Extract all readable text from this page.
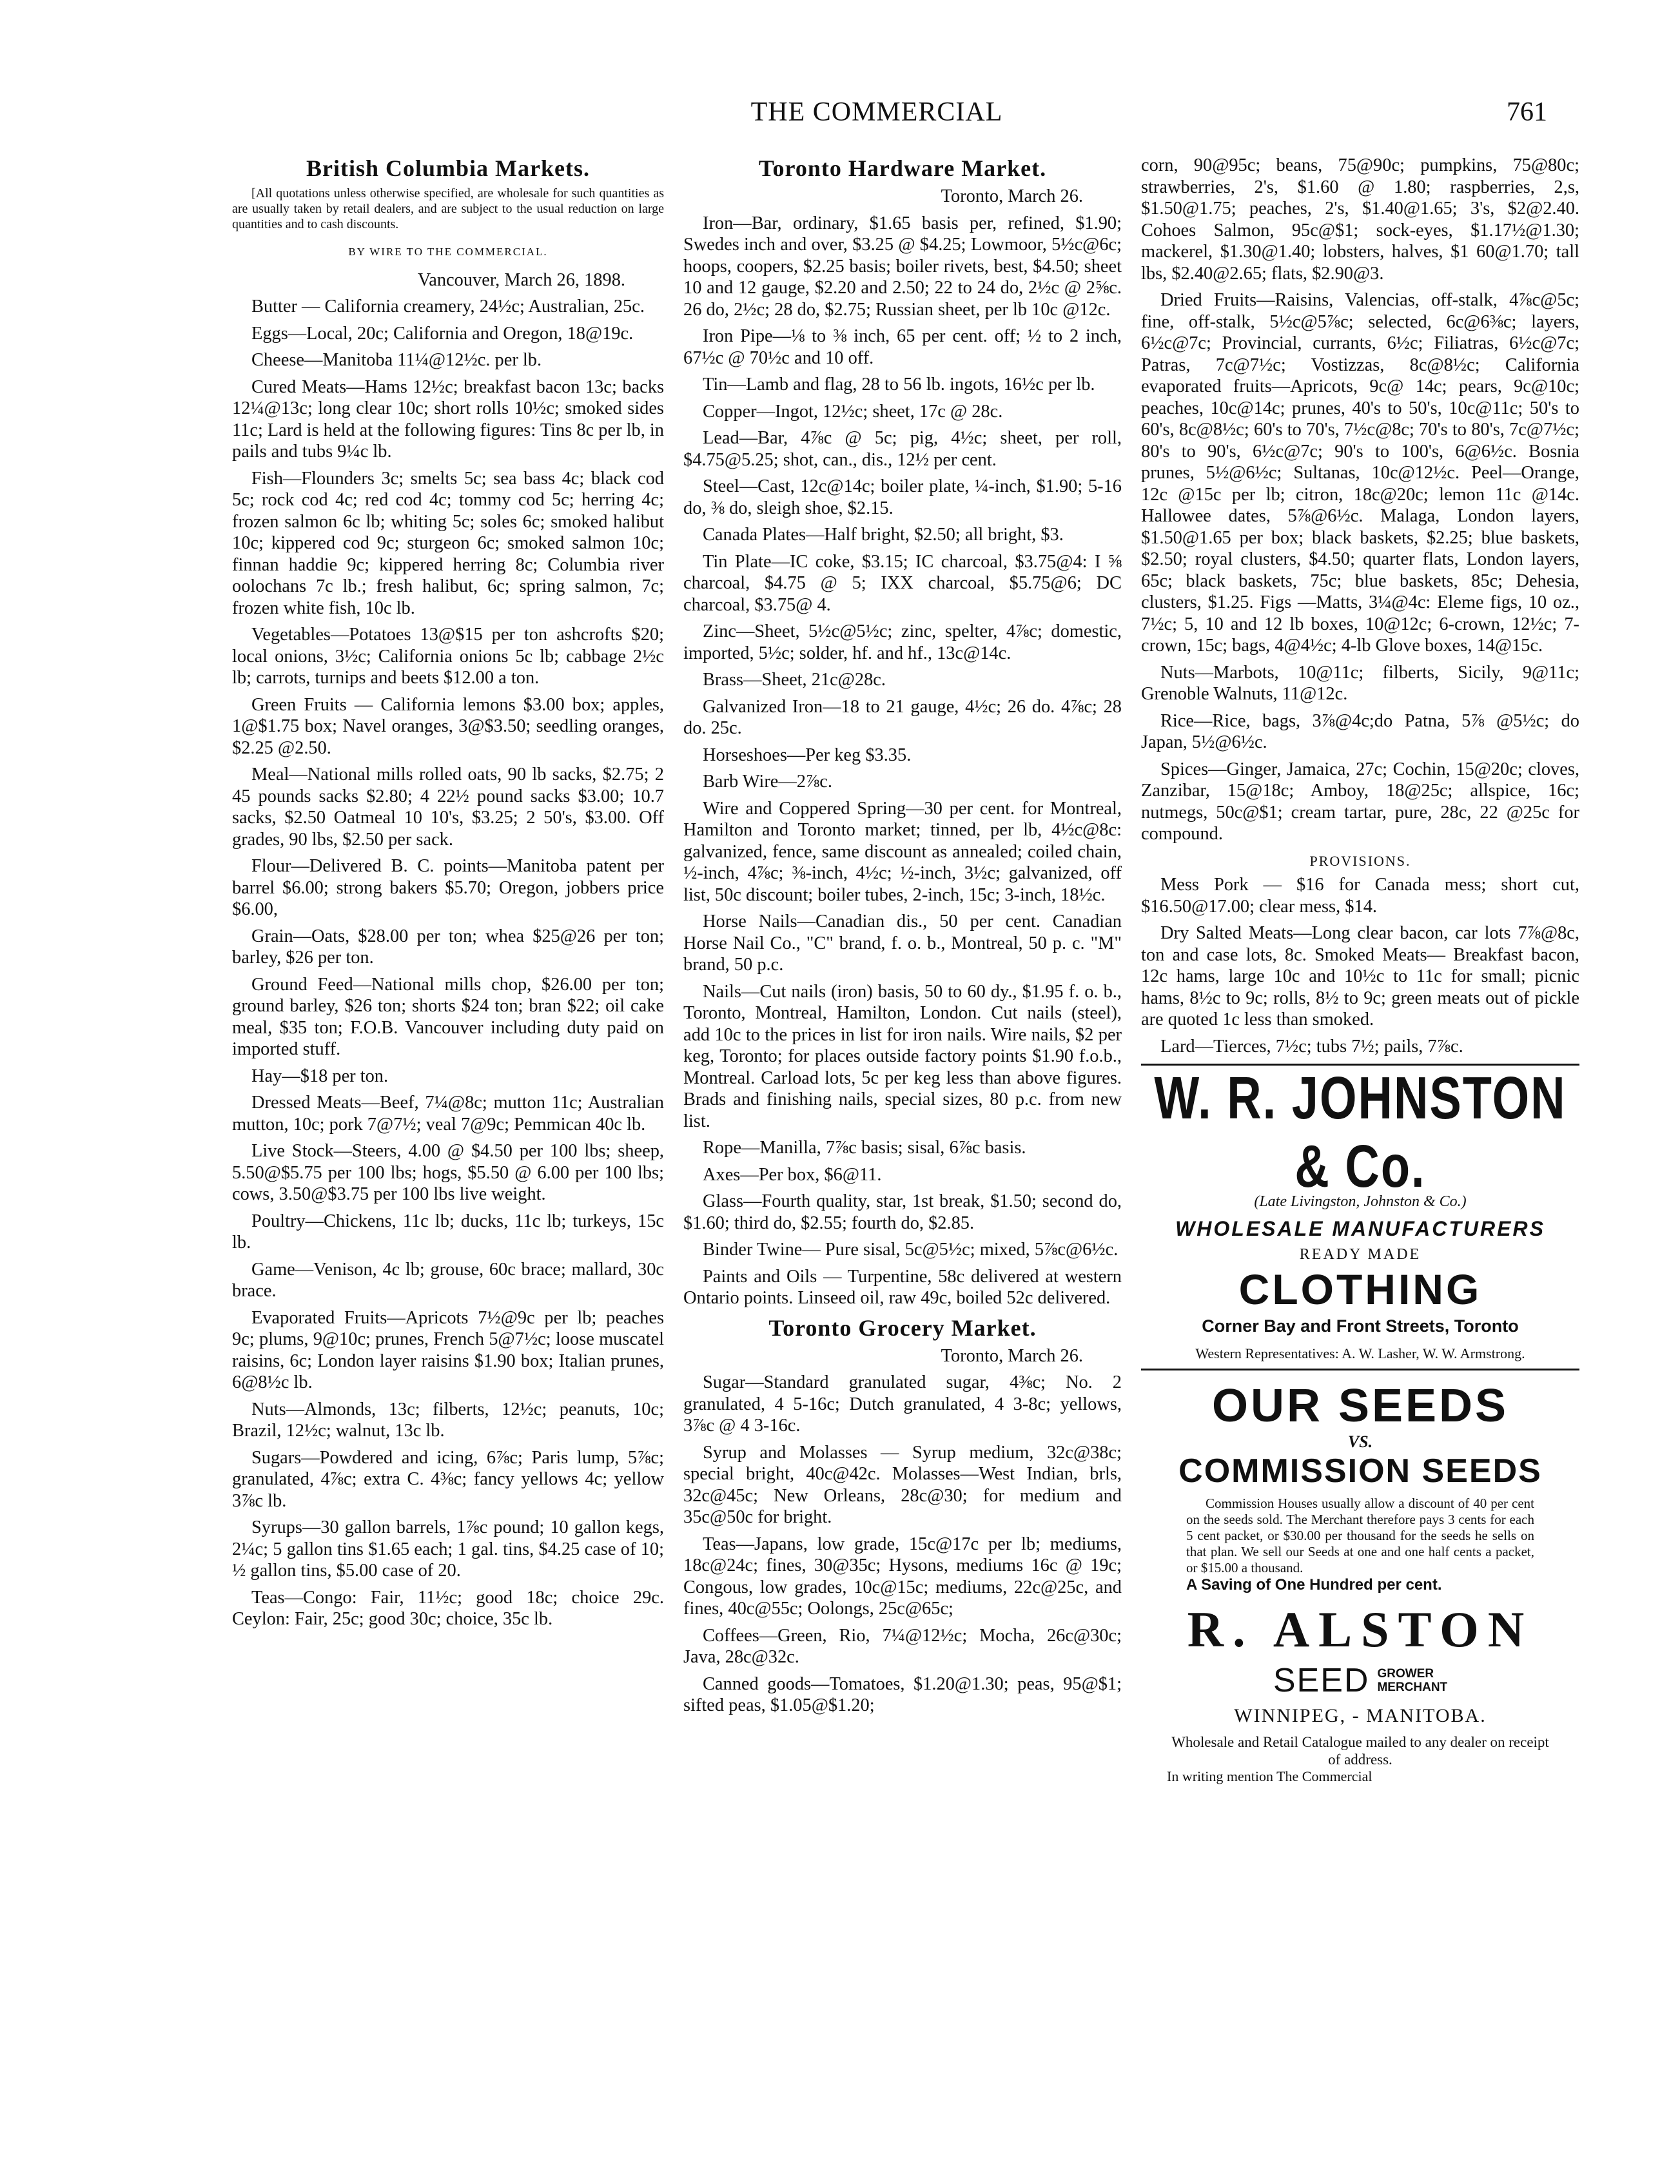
THE COMMERCIAL	761
British Columbia Markets.

[All quotations unless otherwise specified, are wholesale for such quantities as are usually taken by retail dealers, and are subject to the usual reduction on large quantities and to cash discounts.

BY WIRE TO THE COMMERCIAL.

Vancouver, March 26, 1898.

Butter — California creamery, 24½c; Australian, 25c.

Eggs—Local, 20c; California and Oregon, 18@19c.

Cheese—Manitoba 11¼@12½c. per lb.

Cured Meats—Hams 12½c; breakfast bacon 13c; backs 12¼@13c; long clear 10c; short rolls 10½c; smoked sides 11c; Lard is held at the following figures: Tins 8c per lb, in pails and tubs 9¼c lb.

Fish—Flounders 3c; smelts 5c; sea bass 4c; black cod 5c; rock cod 4c; red cod 4c; tommy cod 5c; herring 4c; frozen salmon 6c lb; whiting 5c; soles 6c; smoked halibut 10c; kippered cod 9c; sturgeon 6c; smoked salmon 10c; finnan haddie 9c; kippered herring 8c; Columbia river oolochans 7c lb.; fresh halibut, 6c; spring salmon, 7c; frozen white fish, 10c lb.

Vegetables—Potatoes 13@$15 per ton ashcrofts $20; local onions, 3½c; California onions 5c lb; cabbage 2½c lb; carrots, turnips and beets $12.00 a ton.

Green Fruits — California lemons $3.00 box; apples, 1@$1.75 box; Navel oranges, 3@$3.50; seedling oranges, $2.25 @2.50.

Meal—National mills rolled oats, 90 lb sacks, $2.75; 2 45 pounds sacks $2.80; 4 22½ pound sacks $3.00; 10.7 sacks, $2.50 Oatmeal 10 10's, $3.25; 2 50's, $3.00. Off grades, 90 lbs, $2.50 per sack.

Flour—Delivered B. C. points—Manitoba patent per barrel $6.00; strong bakers $5.70; Oregon, jobbers price $6.00,

Grain—Oats, $28.00 per ton; whea $25@26 per ton; barley, $26 per ton.

Ground Feed—National mills chop, $26.00 per ton; ground barley, $26 ton; shorts $24 ton; bran $22; oil cake meal, $35 ton; F.O.B. Vancouver including duty paid on imported stuff.

Hay—$18 per ton.

Dressed Meats—Beef, 7¼@8c; mutton 11c; Australian mutton, 10c; pork 7@7½; veal 7@9c; Pemmican 40c lb.

Live Stock—Steers, 4.00 @ $4.50 per 100 lbs; sheep, 5.50@$5.75 per 100 lbs; hogs, $5.50 @ 6.00 per 100 lbs; cows, 3.50@$3.75 per 100 lbs live weight.

Poultry—Chickens, 11c lb; ducks, 11c lb; turkeys, 15c lb.

Game—Venison, 4c lb; grouse, 60c brace; mallard, 30c brace.

Evaporated Fruits—Apricots 7½@9c per lb; peaches 9c; plums, 9@10c; prunes, French 5@7½c; loose muscatel raisins, 6c; London layer raisins $1.90 box; Italian prunes, 6@8½c lb.

Nuts—Almonds, 13c; filberts, 12½c; peanuts, 10c; Brazil, 12½c; walnut, 13c lb.

Sugars—Powdered and icing, 6⅞c; Paris lump, 5⅞c; granulated, 4⅞c; extra C. 4⅜c; fancy yellows 4c; yellow 3⅞c lb.

Syrups—30 gallon barrels, 1⅞c pound; 10 gallon kegs, 2¼c; 5 gallon tins $1.65 each; 1 gal. tins, $4.25 case of 10; ½ gallon tins, $5.00 case of 20.

Teas—Congo: Fair, 11½c; good 18c; choice 29c. Ceylon: Fair, 25c; good 30c; choice, 35c lb.

Toronto Hardware Market.

Toronto, March 26.

Iron—Bar, ordinary, $1.65 basis per, refined, $1.90; Swedes inch and over, $3.25 @ $4.25; Lowmoor, 5½c@6c; hoops, coopers, $2.25 basis; boiler rivets, best, $4.50; sheet 10 and 12 gauge, $2.20 and 2.50; 22 to 24 do, 2½c @ 2⅝c. 26 do, 2½c; 28 do, $2.75; Russian sheet, per lb 10c @12c.

Iron Pipe—⅛ to ⅜ inch, 65 per cent. off; ½ to 2 inch, 67½c @ 70½c and 10 off.

Tin—Lamb and flag, 28 to 56 lb. ingots, 16½c per lb.

Copper—Ingot, 12½c; sheet, 17c @ 28c.

Lead—Bar, 4⅞c @ 5c; pig, 4½c; sheet, per roll, $4.75@5.25; shot, can., dis., 12½ per cent.

Steel—Cast, 12c@14c; boiler plate, ¼-inch, $1.90; 5-16 do, ⅜ do, sleigh shoe, $2.15.

Canada Plates—Half bright, $2.50; all bright, $3.

Tin Plate—IC coke, $3.15; IC charcoal, $3.75@4: I ⅝ charcoal, $4.75 @ 5; IXX charcoal, $5.75@6; DC charcoal, $3.75@ 4.

Zinc—Sheet, 5½c@5½c; zinc, spelter, 4⅞c; domestic, imported, 5½c; solder, hf. and hf., 13c@14c.

Brass—Sheet, 21c@28c.

Galvanized Iron—18 to 21 gauge, 4½c; 26 do. 4⅞c; 28 do. 25c.

Horseshoes—Per keg $3.35.

Barb Wire—2⅞c.

Wire and Coppered Spring—30 per cent. for Montreal, Hamilton and Toronto market; tinned, per lb, 4½c@8c: galvanized, fence, same discount as annealed; coiled chain, ½-inch, 4⅞c; ⅜-inch, 4½c; ½-inch, 3½c; galvanized, off list, 50c discount; boiler tubes, 2-inch, 15c; 3-inch, 18½c.

Horse Nails—Canadian dis., 50 per cent. Canadian Horse Nail Co., "C" brand, f. o. b., Montreal, 50 p. c. "M" brand, 50 p.c.

Nails—Cut nails (iron) basis, 50 to 60 dy., $1.95 f. o. b., Toronto, Montreal, Hamilton, London. Cut nails (steel), add 10c to the prices in list for iron nails. Wire nails, $2 per keg, Toronto; for places outside factory points $1.90 f.o.b., Montreal. Carload lots, 5c per keg less than above figures. Brads and finishing nails, special sizes, 80 p.c. from new list.

Rope—Manilla, 7⅞c basis; sisal, 6⅞c basis.

Axes—Per box, $6@11.

Glass—Fourth quality, star, 1st break, $1.50; second do, $1.60; third do, $2.55; fourth do, $2.85.

Binder Twine— Pure sisal, 5c@5½c; mixed, 5⅞c@6½c.

Paints and Oils — Turpentine, 58c delivered at western Ontario points. Linseed oil, raw 49c, boiled 52c delivered.

Toronto Grocery Market.

Toronto, March 26.

Sugar—Standard granulated sugar, 4⅜c; No. 2 granulated, 4 5-16c; Dutch granulated, 4 3-8c; yellows, 3⅞c @ 4 3-16c.

Syrup and Molasses — Syrup medium, 32c@38c; special bright, 40c@42c. Molasses—West Indian, brls, 32c@45c; New Orleans, 28c@30; for medium and 35c@50c for bright.

Teas—Japans, low grade, 15c@17c per lb; mediums, 18c@24c; fines, 30@35c; Hysons, mediums 16c @ 19c; Congous, low grades, 10c@15c; mediums, 22c@25c, and fines, 40c@55c; Oolongs, 25c@65c;

Coffees—Green, Rio, 7¼@12½c; Mocha, 26c@30c; Java, 28c@32c.

Canned goods—Tomatoes, $1.20@1.30; peas, 95@$1; sifted peas, $1.05@$1.20;

corn, 90@95c; beans, 75@90c; pumpkins, 75@80c; strawberries, 2's, $1.60 @ 1.80; raspberries, 2,s, $1.50@1.75; peaches, 2's, $1.40@1.65; 3's, $2@2.40. Cohoes Salmon, 95c@$1; sock-eyes, $1.17½@1.30; mackerel, $1.30@1.40; lobsters, halves, $1 60@1.70; tall lbs, $2.40@2.65; flats, $2.90@3.

Dried Fruits—Raisins, Valencias, off-stalk, 4⅞c@5c; fine, off-stalk, 5½c@5⅞c; selected, 6c@6⅜c; layers, 6½c@7c; Provincial, currants, 6½c; Filiatras, 6½c@7c; Patras, 7c@7½c; Vostizzas, 8c@8½c; California evaporated fruits—Apricots, 9c@ 14c; pears, 9c@10c; peaches, 10c@14c; prunes, 40's to 50's, 10c@11c; 50's to 60's, 8c@8½c; 60's to 70's, 7½c@8c; 70's to 80's, 7c@7½c; 80's to 90's, 6½c@7c; 90's to 100's, 6@6½c. Bosnia prunes, 5½@6½c; Sultanas, 10c@12½c. Peel—Orange, 12c @15c per lb; citron, 18c@20c; lemon 11c @14c. Hallowee dates, 5⅞@6½c. Malaga, London layers, $1.50@1.65 per box; black baskets, $2.25; blue baskets, $2.50; royal clusters, $4.50; quarter flats, London layers, 65c; black baskets, 75c; blue baskets, 85c; Dehesia, clusters, $1.25. Figs —Matts, 3¼@4c: Eleme figs, 10 oz., 7½c; 5, 10 and 12 lb boxes, 10@12c; 6-crown, 12½c; 7-crown, 15c; bags, 4@4½c; 4-lb Glove boxes, 14@15c.

Nuts—Marbots, 10@11c; filberts, Sicily, 9@11c; Grenoble Walnuts, 11@12c.

Rice—Rice, bags, 3⅞@4c;do Patna, 5⅞ @5½c; do Japan, 5½@6½c.

Spices—Ginger, Jamaica, 27c; Cochin, 15@20c; cloves, Zanzibar, 15@18c; Amboy, 18@25c; allspice, 16c; nutmegs, 50c@$1; cream tartar, pure, 28c, 22 @25c for compound.

PROVISIONS.

Mess Pork — $16 for Canada mess; short cut, $16.50@17.00; clear mess, $14.

Dry Salted Meats—Long clear bacon, car lots 7⅞@8c, ton and case lots, 8c. Smoked Meats— Breakfast bacon, 12c hams, large 10c and 10½c to 11c for small; picnic hams, 8½c to 9c; rolls, 8½ to 9c; green meats out of pickle are quoted 1c less than smoked.

Lard—Tierces, 7½c; tubs 7½; pails, 7⅞c.

W. R. JOHNSTON & Co.
(Late Livingston, Johnston & Co.)
WHOLESALE MANUFACTURERS
READY MADE
CLOTHING
Corner Bay and Front Streets, Toronto
Western Representatives: A. W. Lasher, W. W. Armstrong.
OUR SEEDS
VS.
COMMISSION SEEDS

Commission Houses usually allow a discount of 40 per cent on the seeds sold. The Merchant therefore pays 3 cents for each 5 cent packet, or $30.00 per thousand for the seeds he sells on that plan. We sell our Seeds at one and one half cents a packet, or $15.00 a thousand.

A Saving of One Hundred per cent.
R. ALSTON
SEED GROWER
MERCHANT
WINNIPEG, - MANITOBA.
Wholesale and Retail Catalogue mailed to any dealer on receipt of address.
In writing mention The Commercial
